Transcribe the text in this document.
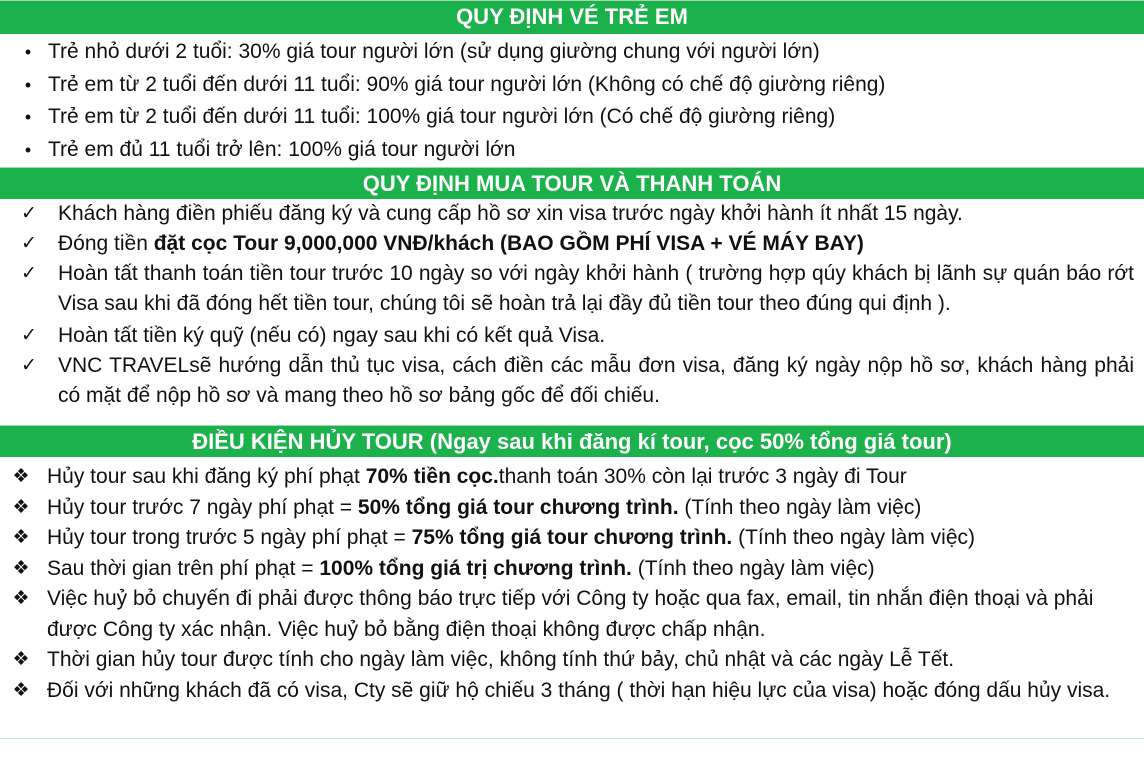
QUY ĐỊNH VÉ TRẺ EM
• Trẻ nhỏ dưới 2 tuổi: 30% giá tour người lớn (sử dụng giường chung với người lớn)
• Trẻ em từ 2 tuổi đến dưới 11 tuổi: 90% giá tour người lớn (Không có chế độ giường riêng)
• Trẻ em từ 2 tuổi đến dưới 11 tuổi: 100% giá tour người lớn (Có chế độ giường riêng)
• Trẻ em đủ 11 tuổi trở lên: 100% giá tour người lớn
QUY ĐỊNH MUA TOUR VÀ THANH TOÁN
✓	Khách hàng điền phiếu đăng ký và cung cấp hồ sơ xin visa trước ngày khởi hành ít nhất 15 ngày.
✓	Đóng tiền đặt cọc Tour 9,000,000 VNĐ/khách (BAO GỒM PHÍ VISA + VÉ MÁY BAY)
✓	Hoàn tất thanh toán tiền tour trước 10 ngày so với ngày khởi hành ( trường hợp qúy khách bị lãnh sự quán báo rớt Visa sau khi đã đóng hết tiền tour, chúng tôi sẽ hoàn trả lại đầy đủ tiền tour theo đúng qui định ).
✓	Hoàn tất tiền ký quỹ (nếu có) ngay sau khi có kết quả Visa.
✓	VNC TRAVELsẽ hướng dẫn thủ tục visa, cách điền các mẫu đơn visa, đăng ký ngày nộp hồ sơ, khách hàng phải có mặt để nộp hồ sơ và mang theo hồ sơ bảng gốc để đối chiếu.
ĐIỀU KIỆN HỦY TOUR (Ngay sau khi đăng kí tour, cọc 50% tổng giá tour)
❖ Hủy tour sau khi đăng ký phí phạt 70% tiền cọc.thanh toán 30% còn lại trước 3 ngày đi Tour
❖ Hủy tour trước 7 ngày phí phạt = 50% tổng giá tour chương trình. (Tính theo ngày làm việc)
❖ Hủy tour trong trước 5 ngày phí phạt = 75% tổng giá tour chương trình. (Tính theo ngày làm việc)
❖ Sau thời gian trên phí phạt = 100% tổng giá trị chương trình. (Tính theo ngày làm việc)
❖ Việc huỷ bỏ chuyến đi phải được thông báo trực tiếp với Công ty hoặc qua fax, email, tin nhắn điện thoại và phải được Công ty xác nhận. Việc huỷ bỏ bằng điện thoại không được chấp nhận.
❖ Thời gian hủy tour được tính cho ngày làm việc, không tính thứ bảy, chủ nhật và các ngày Lễ Tết.
❖ Đối với những khách đã có visa, Cty sẽ giữ hộ chiếu 3 tháng ( thời hạn hiệu lực của visa) hoặc đóng dấu hủy visa.
